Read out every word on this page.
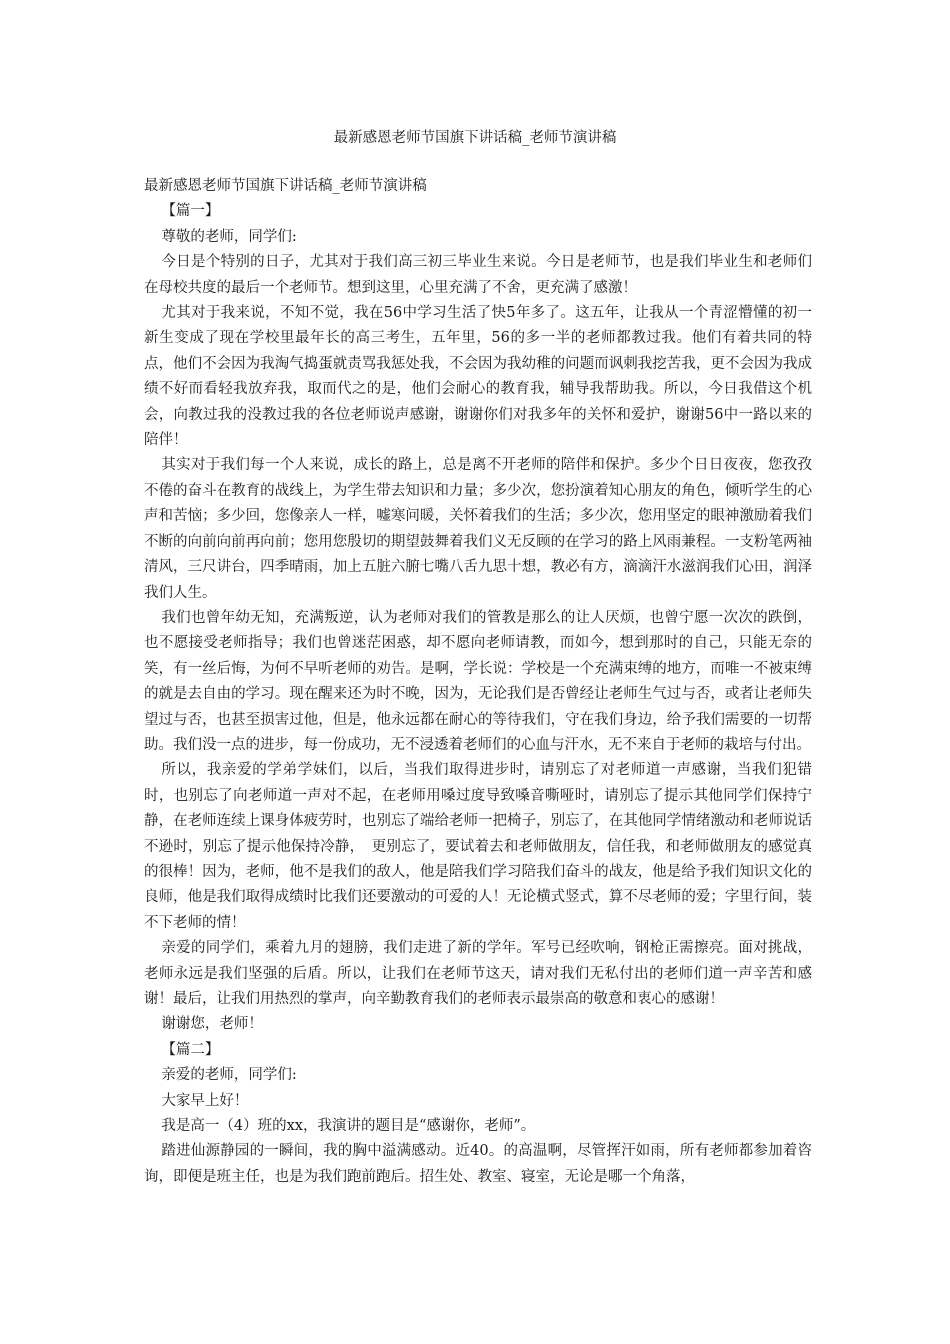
最新感恩老师节国旗下讲话稿_老师节演讲稿

最新感恩老师节国旗下讲话稿_老师节演讲稿

【篇一】

尊敬的老师，同学们:

今日是个特别的日子，尤其对于我们高三初三毕业生来说。今日是老师节，也是我们毕业生和老师们在母校共度的最后一个老师节。想到这里，心里充满了不舍，更充满了感激！

尤其对于我来说，不知不觉，我在56中学习生活了快5年多了。这五年，让我从一个青涩懵懂的初一新生变成了现在学校里最年长的高三考生，五年里，56的多一半的老师都教过我。他们有着共同的特点，他们不会因为我淘气捣蛋就责骂我惩处我，不会因为我幼稚的问题而讽刺我挖苦我，更不会因为我成绩不好而看轻我放弃我，取而代之的是，他们会耐心的教育我，辅导我帮助我。所以，今日我借这个机会，向教过我的没教过我的各位老师说声感谢，谢谢你们对我多年的关怀和爱护，谢谢56中一路以来的陪伴！

其实对于我们每一个人来说，成长的路上，总是离不开老师的陪伴和保护。多少个日日夜夜，您孜孜不倦的奋斗在教育的战线上，为学生带去知识和力量；多少次，您扮演着知心朋友的角色，倾听学生的心声和苦恼；多少回，您像亲人一样，嘘寒问暖，关怀着我们的生活；多少次，您用坚定的眼神激励着我们不断的向前向前再向前；您用您殷切的期望鼓舞着我们义无反顾的在学习的路上风雨兼程。一支粉笔两袖清风，三尺讲台，四季晴雨，加上五脏六腑七嘴八舌九思十想，教必有方，滴滴汗水滋润我们心田，润泽我们人生。

我们也曾年幼无知，充满叛逆，认为老师对我们的管教是那么的让人厌烦，也曾宁愿一次次的跌倒，也不愿接受老师指导；我们也曾迷茫困惑，却不愿向老师请教，而如今，想到那时的自己，只能无奈的笑，有一丝后悔，为何不早听老师的劝告。是啊，学长说：学校是一个充满束缚的地方，而唯一不被束缚的就是去自由的学习。现在醒来还为时不晚，因为，无论我们是否曾经让老师生气过与否，或者让老师失望过与否，也甚至损害过他，但是，他永远都在耐心的等待我们，守在我们身边，给予我们需要的一切帮助。我们没一点的进步，每一份成功，无不浸透着老师们的心血与汗水，无不来自于老师的栽培与付出。

所以，我亲爱的学弟学妹们，以后，当我们取得进步时，请别忘了对老师道一声感谢，当我们犯错时，也别忘了向老师道一声对不起，在老师用嗓过度导致嗓音嘶哑时，请别忘了提示其他同学们保持宁静，在老师连续上课身体疲劳时，也别忘了端给老师一把椅子，别忘了，在其他同学情绪激动和老师说话不逊时，别忘了提示他保持冷静，　更别忘了，要试着去和老师做朋友，信任我，和老师做朋友的感觉真的很棒！因为，老师，他不是我们的敌人，他是陪我们学习陪我们奋斗的战友，他是给予我们知识文化的良师，他是我们取得成绩时比我们还要激动的可爱的人！无论横式竖式，算不尽老师的爱；字里行间，装不下老师的情！

亲爱的同学们，乘着九月的翅膀，我们走进了新的学年。军号已经吹响，钢枪正需擦亮。面对挑战，老师永远是我们坚强的后盾。所以，让我们在老师节这天，请对我们无私付出的老师们道一声辛苦和感谢！最后，让我们用热烈的掌声，向辛勤教育我们的老师表示最崇高的敬意和衷心的感谢！

谢谢您，老师！

【篇二】

亲爱的老师，同学们:

大家早上好！

我是高一（4）班的xx，我演讲的题目是“感谢你，老师”。

踏进仙源静园的一瞬间，我的胸中溢满感动。近40。的高温啊，尽管挥汗如雨，所有老师都参加着咨询，即便是班主任，也是为我们跑前跑后。招生处、教室、寝室，无论是哪一个角落，
